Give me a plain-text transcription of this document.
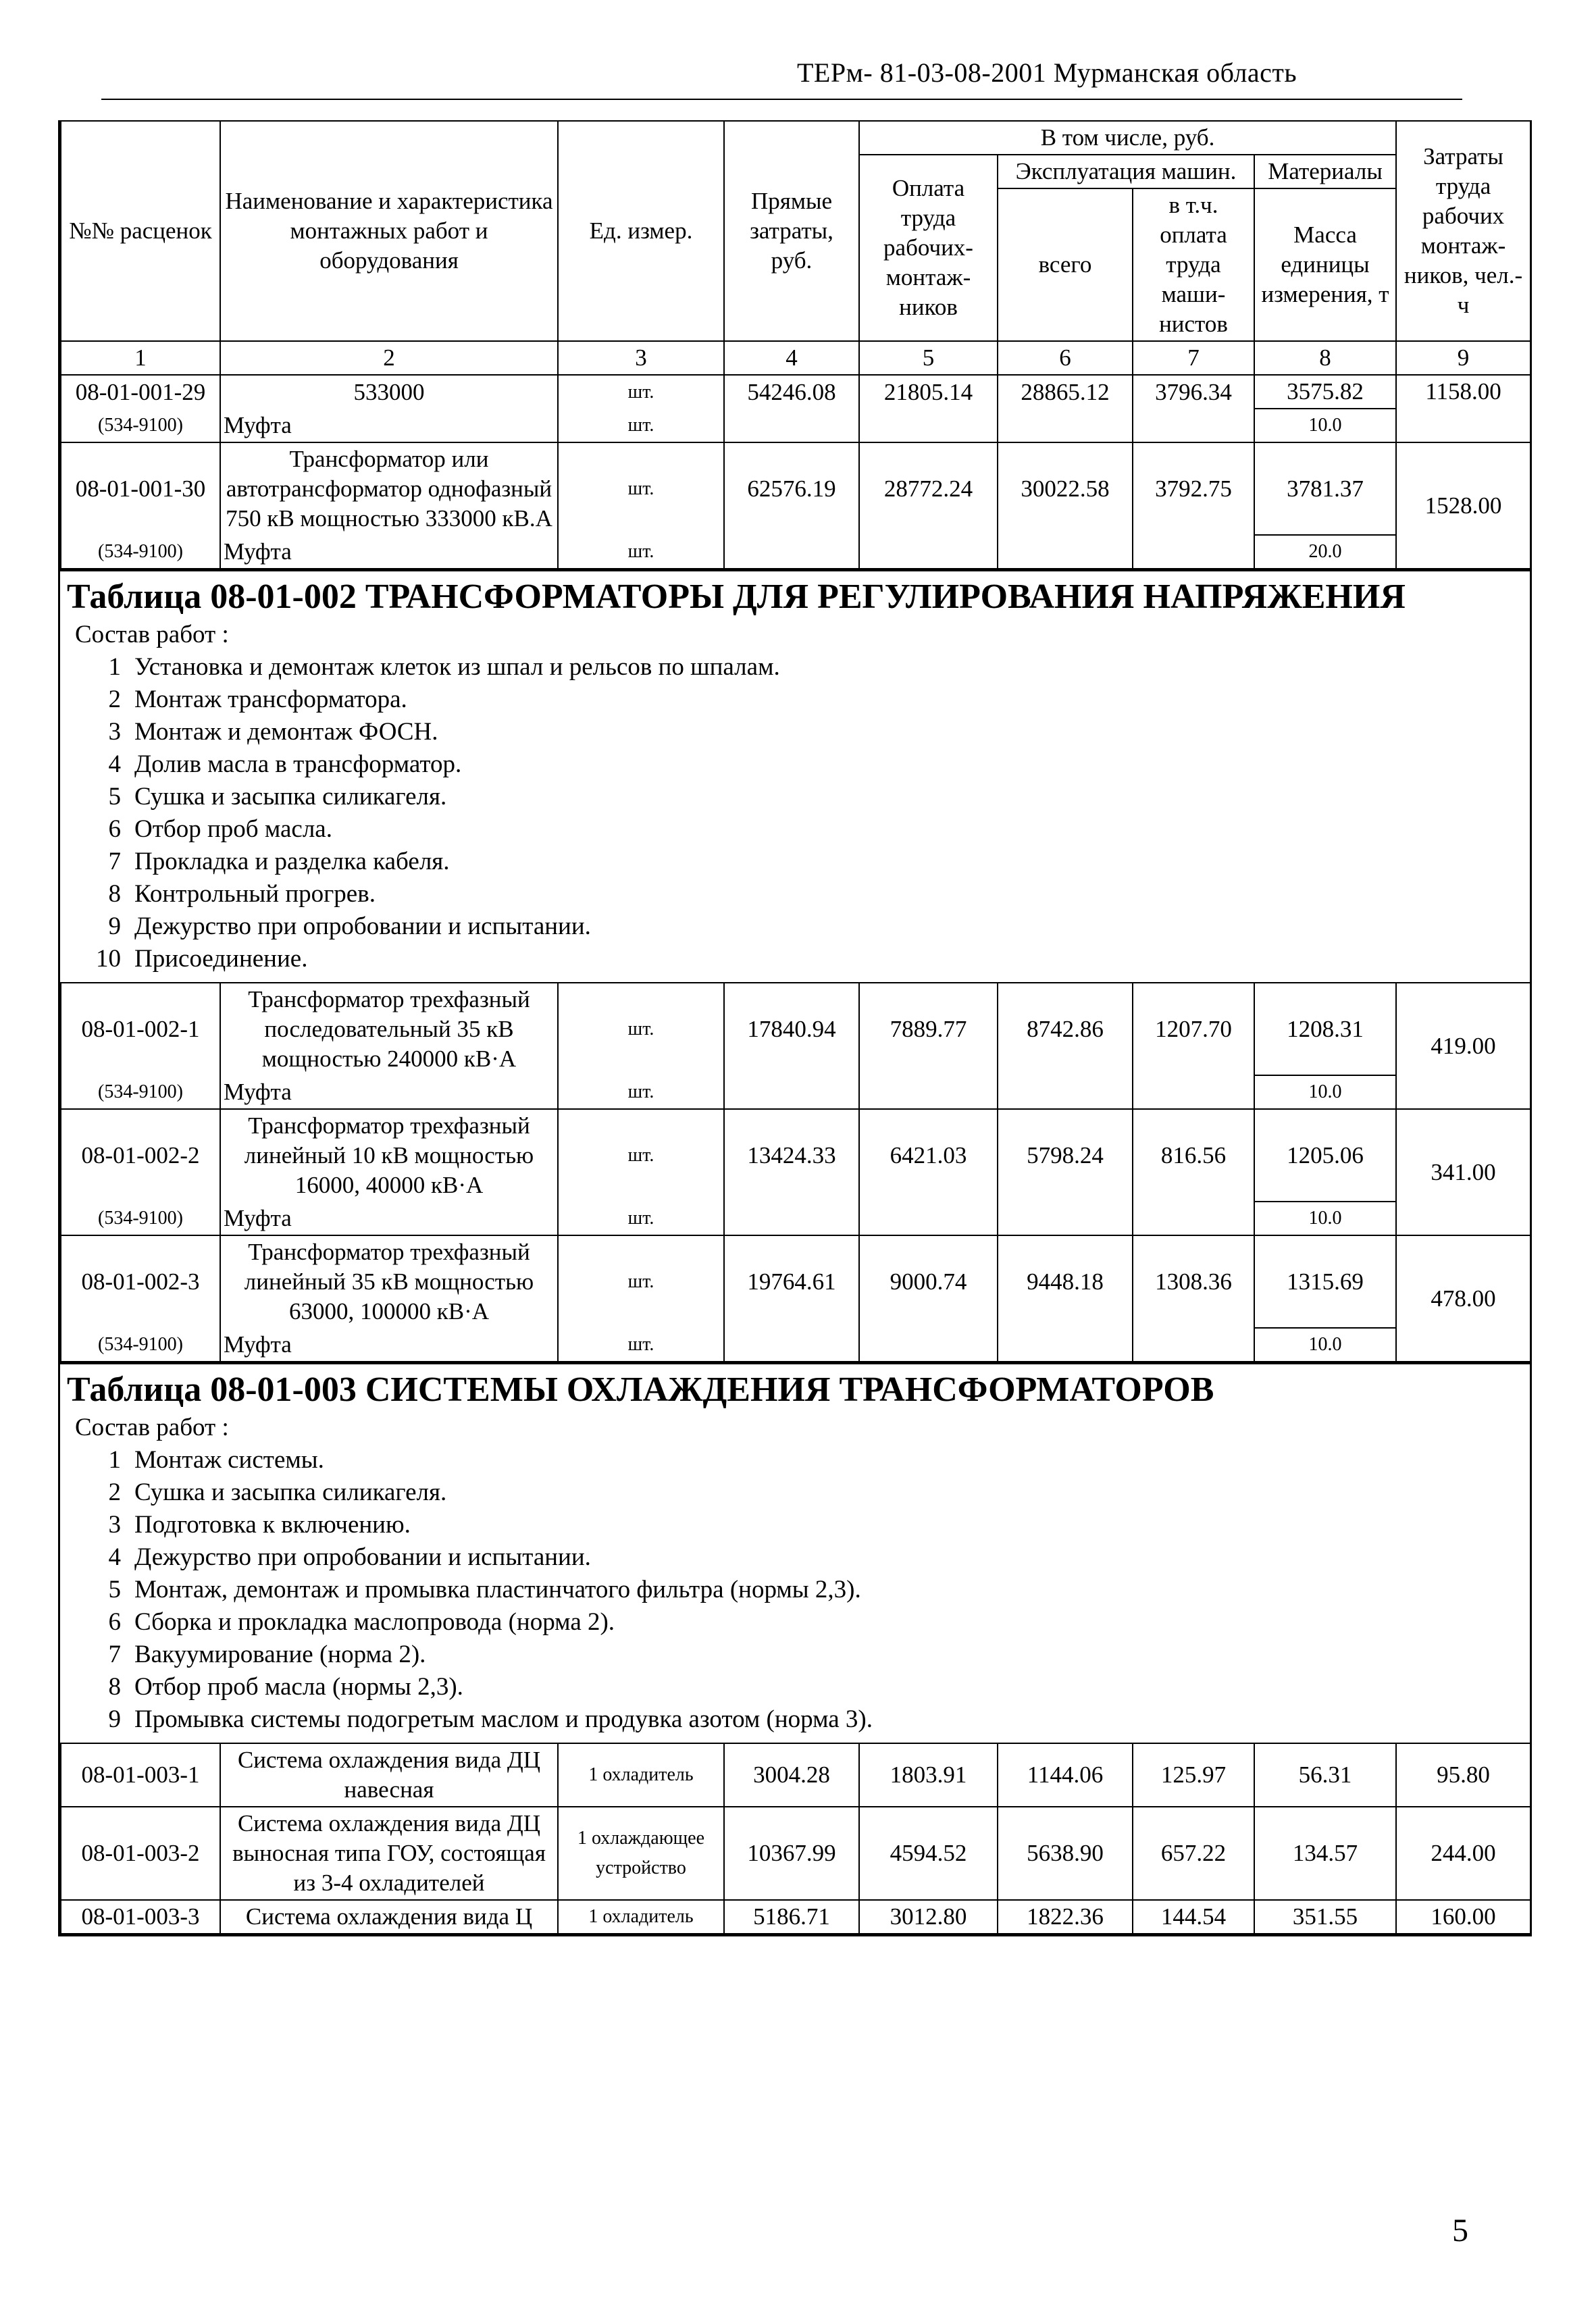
ТЕРм- 81-03-08-2001 Мурманская область
№№ расценок	Наименование и характеристика монтажных работ и оборудования	Ед. измер.	Прямые затраты, руб.	В том числе, руб.				Затраты труда рабочих монтаж-ников, чел.-ч
				Оплата труда рабочих-монтаж-ников	Эксплуатация машин.		Материалы	
					всего	в т.ч. оплата труда маши-нистов	Масса единицы измерения, т	
1	2	3	4	5	6	7	8	9
08-01-001-29	533000	шт.	54246.08	21805.14	28865.12	3796.34	3575.82	1158.00
(534-9100)	Муфта	шт.					10.0	
08-01-001-30	Трансформатор или автотрансформатор однофазный 750 кВ мощностью 333000 кВ.А	шт.	62576.19	28772.24	30022.58	3792.75	3781.37	1528.00
(534-9100)	Муфта	шт.					20.0	
Таблица 08-01-002 ТРАНСФОРМАТОРЫ ДЛЯ РЕГУЛИРОВАНИЯ НАПРЯЖЕНИЯ
Состав работ :
1 Установка и демонтаж клеток из шпал и рельсов по шпалам.
2 Монтаж трансформатора.
3 Монтаж и демонтаж ФОСН.
4 Долив масла в трансформатор.
5 Сушка и засыпка силикагеля.
6 Отбор проб масла.
7 Прокладка и разделка кабеля.
8 Контрольный прогрев.
9 Дежурство при опробовании и испытании.
10 Присоединение.
08-01-002-1	Трансформатор трехфазный последовательный 35 кВ мощностью 240000 кВ·А	шт.	17840.94	7889.77	8742.86	1207.70	1208.31	419.00
(534-9100)	Муфта	шт.					10.0	
08-01-002-2	Трансформатор трехфазный линейный 10 кВ мощностью 16000, 40000 кВ·А	шт.	13424.33	6421.03	5798.24	816.56	1205.06	341.00
(534-9100)	Муфта	шт.					10.0	
08-01-002-3	Трансформатор трехфазный линейный 35 кВ мощностью 63000, 100000 кВ·А	шт.	19764.61	9000.74	9448.18	1308.36	1315.69	478.00
(534-9100)	Муфта	шт.					10.0	
Таблица 08-01-003 СИСТЕМЫ ОХЛАЖДЕНИЯ ТРАНСФОРМАТОРОВ
Состав работ :
1 Монтаж системы.
2 Сушка и засыпка силикагеля.
3 Подготовка к включению.
4 Дежурство при опробовании и испытании.
5 Монтаж, демонтаж и промывка пластинчатого фильтра (нормы 2,3).
6 Сборка и прокладка маслопровода (норма 2).
7 Вакуумирование (норма 2).
8 Отбор проб масла (нормы 2,3).
9 Промывка системы подогретым маслом и продувка азотом (норма 3).
08-01-003-1	Система охлаждения вида ДЦ навесная	1 охладитель	3004.28	1803.91	1144.06	125.97	56.31	95.80
08-01-003-2	Система охлаждения вида ДЦ выносная типа ГОУ, состоящая из 3-4 охладителей	1 охлаждающее устройство	10367.99	4594.52	5638.90	657.22	134.57	244.00
08-01-003-3	Система охлаждения вида Ц	1 охладитель	5186.71	3012.80	1822.36	144.54	351.55	160.00
5
